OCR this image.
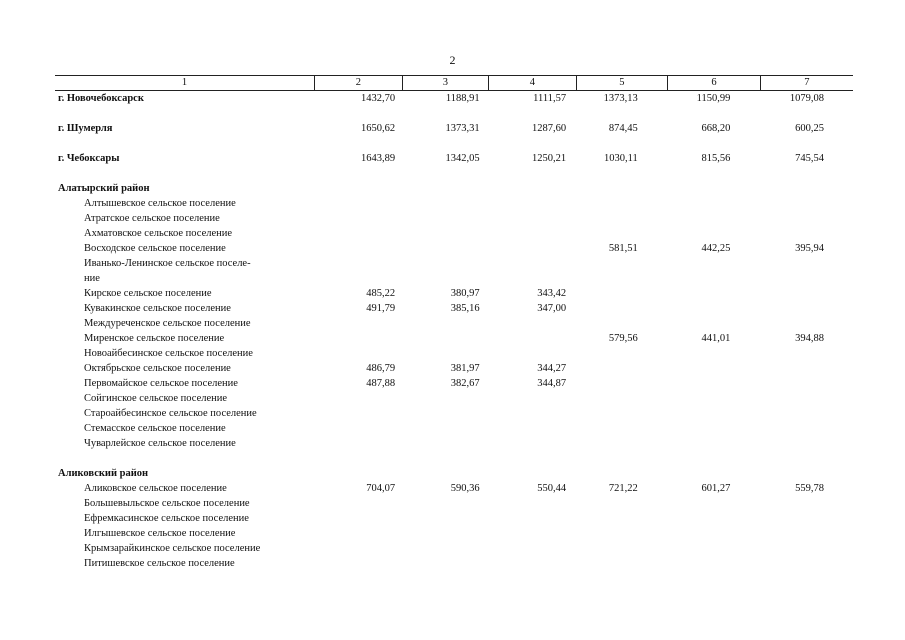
2
1	2	3	4	5	6	7
г. Новочебоксарск	1432,70	1188,91	1111,57	1373,13	1150,99	1079,08

г. Шумерля	1650,62	1373,31	1287,60	874,45	668,20	600,25

г. Чебоксары	1643,89	1342,05	1250,21	1030,11	815,56	745,54

Алатырский район						
Алтышевское сельское поселение						
Атратское сельское поселение						
Ахматовское сельское поселение						
Восходское сельское поселение				581,51	442,25	395,94
Иванько-Ленинское сельское поселе-						
ние						
Кирское сельское поселение	485,22	380,97	343,42			
Кувакинское сельское поселение	491,79	385,16	347,00			
Междуреченское сельское поселение						
Миренское сельское поселение				579,56	441,01	394,88
Новоайбесинское сельское поселение						
Октябрьское сельское поселение	486,79	381,97	344,27			
Первомайское сельское поселение	487,88	382,67	344,87			
Сойгинское сельское поселение						
Староайбесинское сельское поселение						
Стемасское сельское поселение						
Чуварлейское сельское поселение						

Аликовский район						
Аликовское сельское поселение	704,07	590,36	550,44	721,22	601,27	559,78
Большевыльское сельское поселение						
Ефремкасинское сельское поселение						
Илгышевское сельское поселение						
Крымзарайкинское сельское поселение						
Питишевское сельское поселение						
